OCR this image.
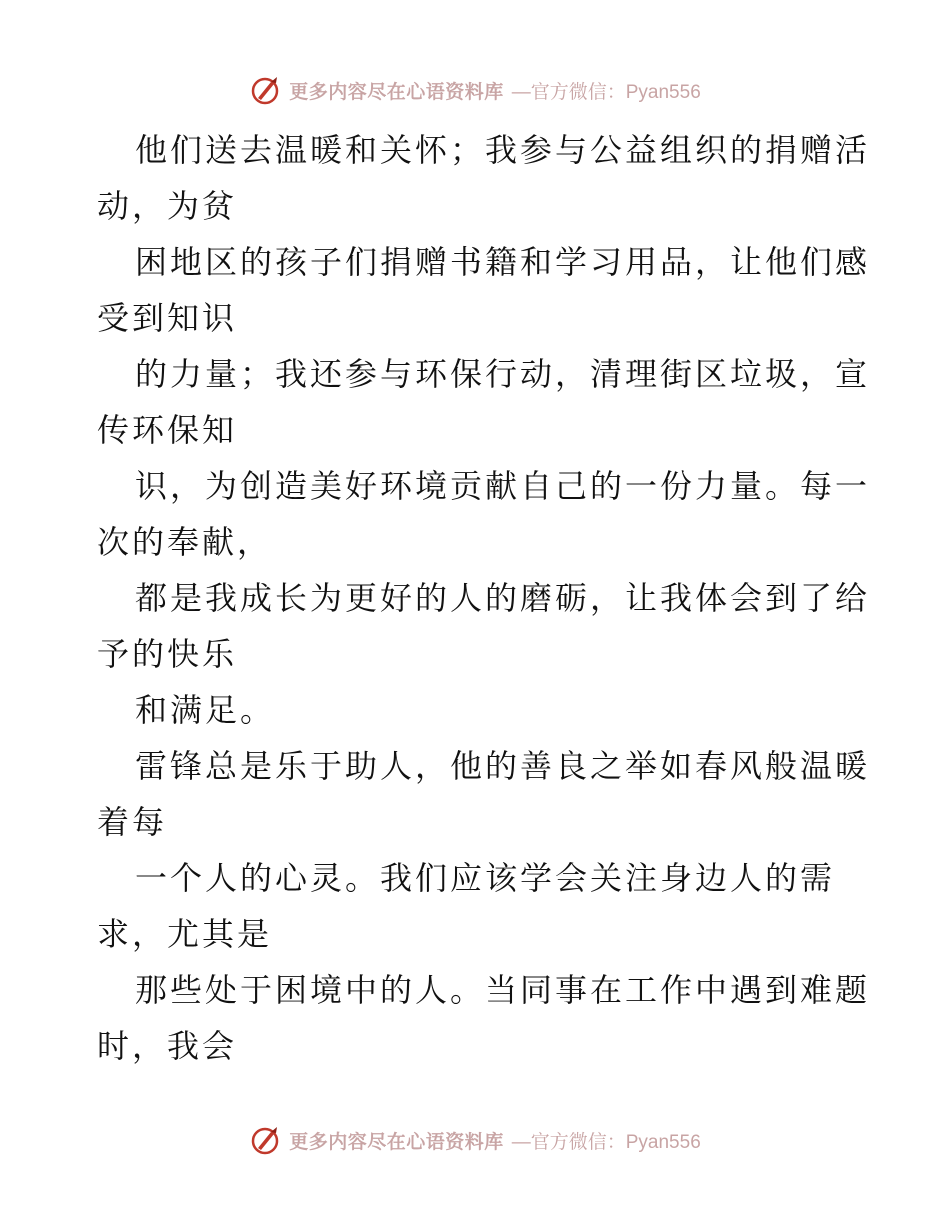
更多内容尽在心语资料库 —官方微信：Pyan556

他们送去温暖和关怀；我参与公益组织的捐赠活
动，为贫
困地区的孩子们捐赠书籍和学习用品，让他们感
受到知识
的力量；我还参与环保行动，清理街区垃圾，宣
传环保知
识，为创造美好环境贡献自己的一份力量。每一
次的奉献，
都是我成长为更好的人的磨砺，让我体会到了给
予的快乐
和满足。
雷锋总是乐于助人，他的善良之举如春风般温暖
着每
一个人的心灵。我们应该学会关注身边人的需
求，尤其是
那些处于困境中的人。当同事在工作中遇到难题
时，我会

更多内容尽在心语资料库 —官方微信：Pyan556
